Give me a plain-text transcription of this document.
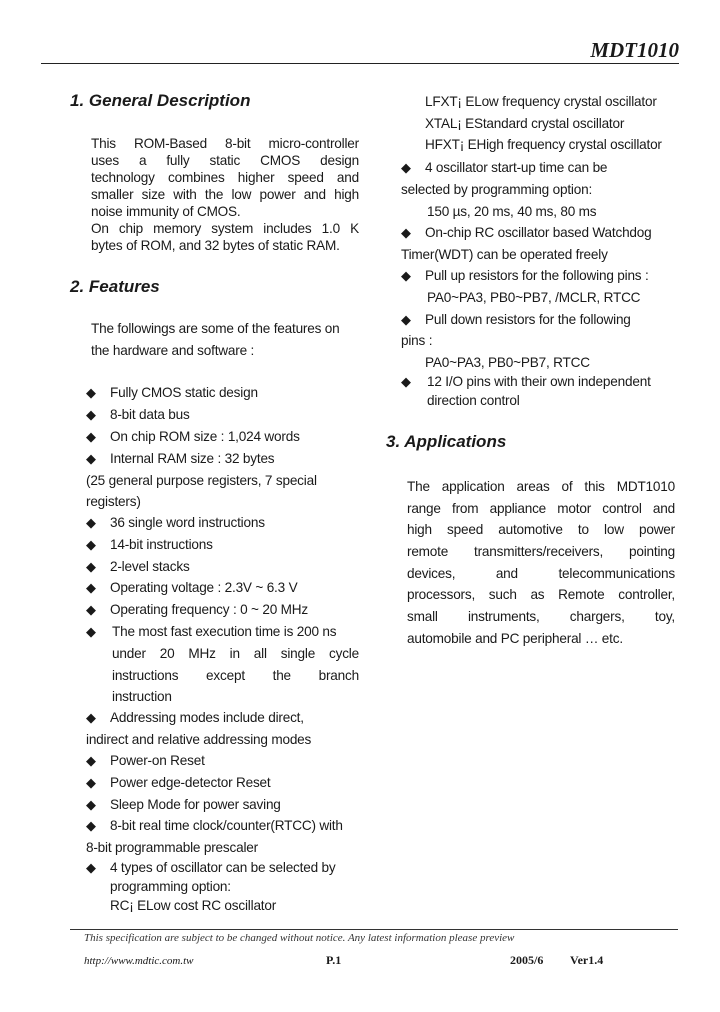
MDT1010
1. General Description
This ROM-Based 8-bit micro-controller
uses a fully static CMOS design
technology combines higher speed and
smaller size with the low power and high
noise immunity of CMOS.
On chip memory system includes 1.0 K
bytes of ROM, and 32 bytes of static RAM.
2. Features
The followings are some of the features on
the hardware and software :
◆ Fully CMOS static design
◆ 8-bit data bus
◆ On chip ROM size : 1,024 words
◆ Internal RAM size : 32 bytes
(25 general purpose registers, 7 special
registers)
◆ 36 single word instructions
◆ 14-bit instructions
◆ 2-level stacks
◆ Operating voltage : 2.3V ~ 6.3 V
◆ Operating frequency : 0 ~ 20 MHz
◆ The most fast execution time is 200 ns
under 20 MHz in all single cycle
instructions except the branch
instruction
◆ Addressing modes include direct,
indirect and relative addressing modes
◆ Power-on Reset
◆ Power edge-detector Reset
◆ Sleep Mode for power saving
◆ 8-bit real time clock/counter(RTCC) with
8-bit programmable prescaler
◆ 4 types of oscillator can be selected by
programming option:
RC¡ ЕLow cost RC oscillator
LFXT¡ ЕLow frequency crystal oscillator
XTAL¡ ЕStandard crystal oscillator
HFXT¡ ЕHigh frequency crystal oscillator
◆ 4 oscillator start-up time can be
selected by programming option:
150 µs, 20 ms, 40 ms, 80 ms
◆ On-chip RC oscillator based Watchdog
Timer(WDT) can be operated freely
◆ Pull up resistors for the following pins :
PA0~PA3, PB0~PB7, /MCLR, RTCC
◆ Pull down resistors for the following
pins :
PA0~PA3, PB0~PB7, RTCC
◆ 12 I/O pins with their own independent
direction control
3. Applications
The application areas of this MDT1010
range from appliance motor control and
high speed automotive to low power
remote transmitters/receivers, pointing
devices, and telecommunications
processors, such as Remote controller,
small instruments, chargers, toy,
automobile and PC peripheral … etc.
This specification are subject to be changed without notice. Any latest information please preview
http://www.mdtic.com.tw	P.1	2005/6 Ver1.4
